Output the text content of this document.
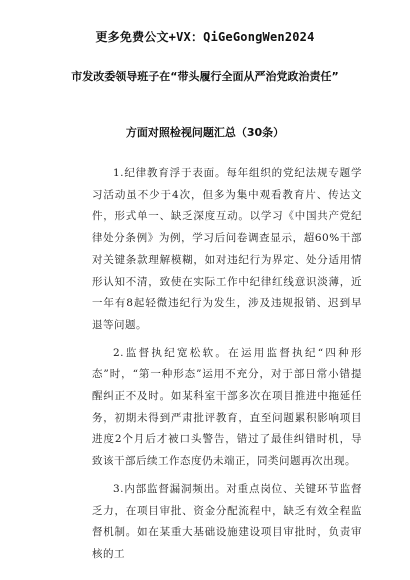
更多免费公文+VX：QiGeGongWen2024
市发改委领导班子在“带头履行全面从严治党政治责任”
方面对照检视问题汇总（30条）

1.纪律教育浮于表面。每年组织的党纪法规专题学习活动虽不少于4次，但多为集中观看教育片、传达文件，形式单一、缺乏深度互动。以学习《中国共产党纪律处分条例》为例，学习后问卷调查显示，超60%干部对关键条款理解模糊，如对违纪行为界定、处分适用情形认知不清，致使在实际工作中纪律红线意识淡薄，近一年有8起轻微违纪行为发生，涉及违规报销、迟到早退等问题。

2.监督执纪宽松软。在运用监督执纪“四种形态”时，“第一种形态”运用不充分，对于部日常小错提醒纠正不及时。如某科室干部多次在项目推进中拖延任务，初期未得到严肃批评教育，直至问题累积影响项目进度2个月后才被口头警告，错过了最佳纠错时机，导致该干部后续工作态度仍未端正，同类问题再次出现。

3.内部监督漏洞频出。对重点岗位、关键环节监督乏力，在项目审批、资金分配流程中，缺乏有效全程监督机制。如在某重大基础设施建设项目审批时，负责审核的工
